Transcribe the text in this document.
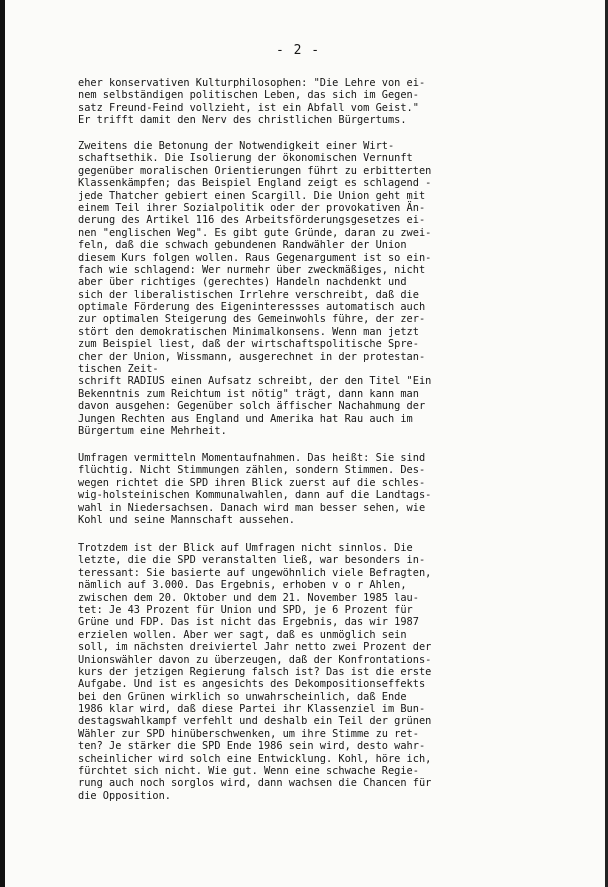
- 2 -
eher konservativen Kulturphilosophen: "Die Lehre von ei-
nem selbständigen politischen Leben, das sich im Gegen-
satz Freund-Feind vollzieht, ist ein Abfall vom Geist."
Er trifft damit den Nerv des christlichen Bürgertums.
Zweitens die Betonung der Notwendigkeit einer Wirt-
schaftsethik. Die Isolierung der ökonomischen Vernunft
gegenüber moralischen Orientierungen führt zu erbitterten
Klassenkämpfen; das Beispiel England zeigt es schlagend -
jede Thatcher gebiert einen Scargill. Die Union geht mit
einem Teil ihrer Sozialpolitik oder der provokativen Än-
derung des Artikel 116 des Arbeitsförderungsgesetzes ei-
nen "englischen Weg". Es gibt gute Gründe, daran zu zwei-
feln, daß die schwach gebundenen Randwähler der Union
diesem Kurs folgen wollen. Raus Gegenargument ist so ein-
fach wie schlagend: Wer nurmehr über zweckmäßiges, nicht
aber über richtiges (gerechtes) Handeln nachdenkt und
sich der liberalistischen Irrlehre verschreibt, daß die
optimale Förderung des Eigeninteressses automatisch auch
zur optimalen Steigerung des Gemeinwohls führe, der zer-
stört den demokratischen Minimalkonsens. Wenn man jetzt
zum Beispiel liest, daß der wirtschaftspolitische Spre-
cher der Union, Wissmann, ausgerechnet in der protestan-
tischen Zeit-
schrift RADIUS einen Aufsatz schreibt, der den Titel "Ein
Bekenntnis zum Reichtum ist nötig" trägt, dann kann man
davon ausgehen: Gegenüber solch äffischer Nachahmung der
Jungen Rechten aus England und Amerika hat Rau auch im
Bürgertum eine Mehrheit.
Umfragen vermitteln Momentaufnahmen. Das heißt: Sie sind
flüchtig. Nicht Stimmungen zählen, sondern Stimmen. Des-
wegen richtet die SPD ihren Blick zuerst auf die schles-
wig-holsteinischen Kommunalwahlen, dann auf die Landtags-
wahl in Niedersachsen. Danach wird man besser sehen, wie
Kohl und seine Mannschaft aussehen.
Trotzdem ist der Blick auf Umfragen nicht sinnlos. Die
letzte, die die SPD veranstalten ließ, war besonders in-
teressant: Sie basierte auf ungewöhnlich viele Befragten,
nämlich auf 3.000. Das Ergebnis, erhoben v o r Ahlen,
zwischen dem 20. Oktober und dem 21. November 1985 lau-
tet: Je 43 Prozent für Union und SPD, je 6 Prozent für
Grüne und FDP. Das ist nicht das Ergebnis, das wir 1987
erzielen wollen. Aber wer sagt, daß es unmöglich sein
soll, im nächsten dreiviertel Jahr netto zwei Prozent der
Unionswähler davon zu überzeugen, daß der Konfrontations-
kurs der jetzigen Regierung falsch ist? Das ist die erste
Aufgabe. Und ist es angesichts des Dekompositionseffekts
bei den Grünen wirklich so unwahrscheinlich, daß Ende
1986 klar wird, daß diese Partei ihr Klassenziel im Bun-
destagswahlkampf verfehlt und deshalb ein Teil der grünen
Wähler zur SPD hinüberschwenken, um ihre Stimme zu ret-
ten? Je stärker die SPD Ende 1986 sein wird, desto wahr-
scheinlicher wird solch eine Entwicklung. Kohl, höre ich,
fürchtet sich nicht. Wie gut. Wenn eine schwache Regie-
rung auch noch sorglos wird, dann wachsen die Chancen für
die Opposition.
